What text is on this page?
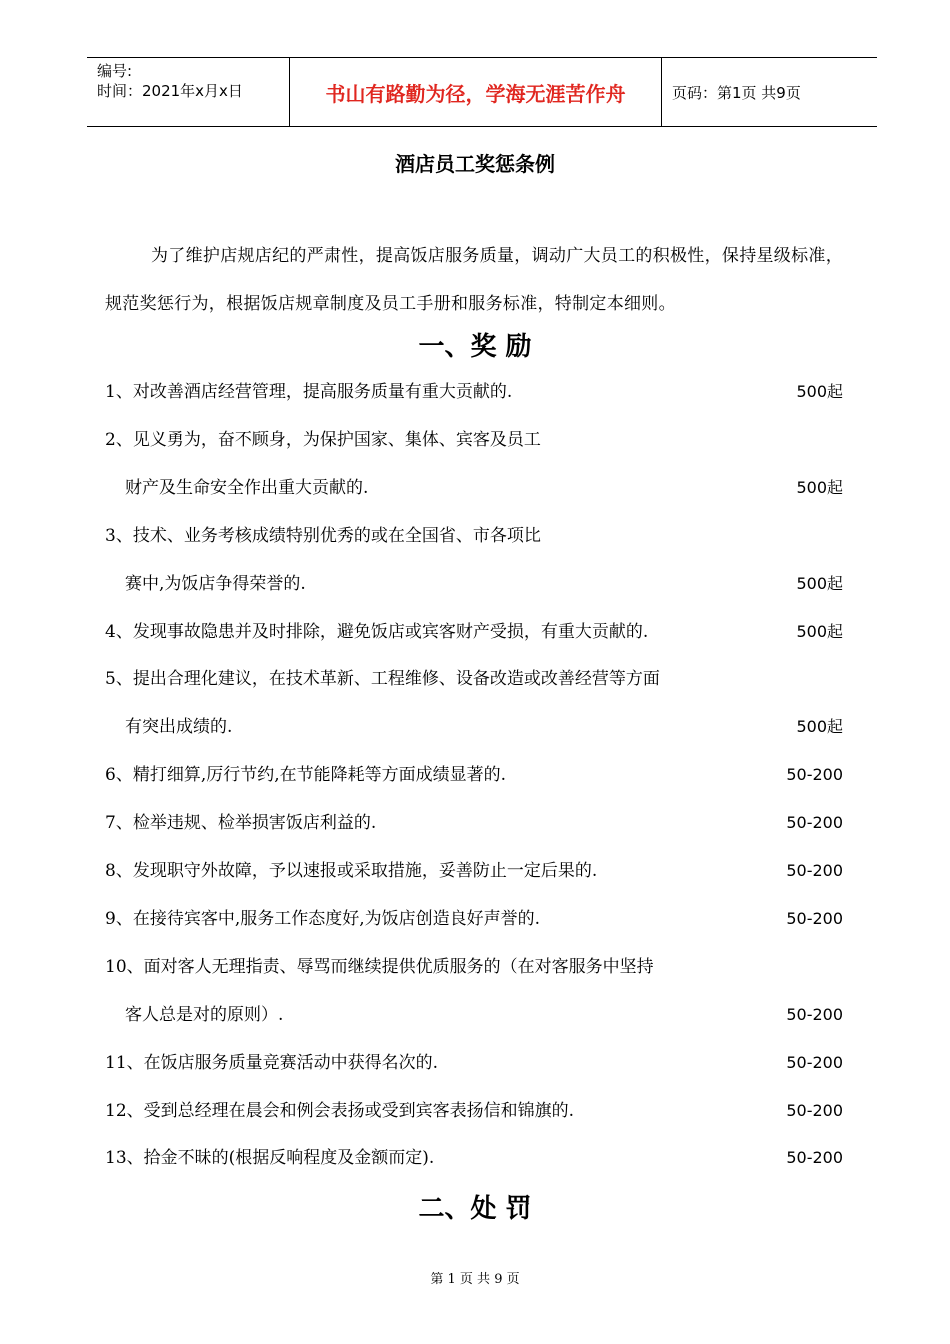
编号:
时间：2021年x月x日	书山有路勤为径，学海无涯苦作舟	页码：第1页 共9页
酒店员工奖惩条例
为了维护店规店纪的严肃性，提高饭店服务质量，调动广大员工的积极性，保持星级标准，规范奖惩行为，根据饭店规章制度及员工手册和服务标准，特制定本细则。
一、奖 励
1、对改善酒店经营管理，提高服务质量有重大贡献的.	500起
2、见义勇为，奋不顾身，为保护国家、集体、宾客及员工
财产及生命安全作出重大贡献的.	500起
3、技术、业务考核成绩特别优秀的或在全国省、市各项比
赛中,为饭店争得荣誉的.	500起
4、发现事故隐患并及时排除，避免饭店或宾客财产受损，有重大贡献的.	500起
5、提出合理化建议，在技术革新、工程维修、设备改造或改善经营等方面
有突出成绩的.	500起
6、精打细算,厉行节约,在节能降耗等方面成绩显著的.	50-200
7、检举违规、检举损害饭店利益的.	50-200
8、发现职守外故障，予以速报或采取措施，妥善防止一定后果的.	50-200
9、在接待宾客中,服务工作态度好,为饭店创造良好声誉的.	50-200
10、面对客人无理指责、辱骂而继续提供优质服务的（在对客服务中坚持
客人总是对的原则）.	50-200
11、在饭店服务质量竞赛活动中获得名次的.	50-200
12、受到总经理在晨会和例会表扬或受到宾客表扬信和锦旗的.	50-200
13、拾金不昧的(根据反响程度及金额而定).	50-200
二、处 罚
第 1 页 共 9 页
